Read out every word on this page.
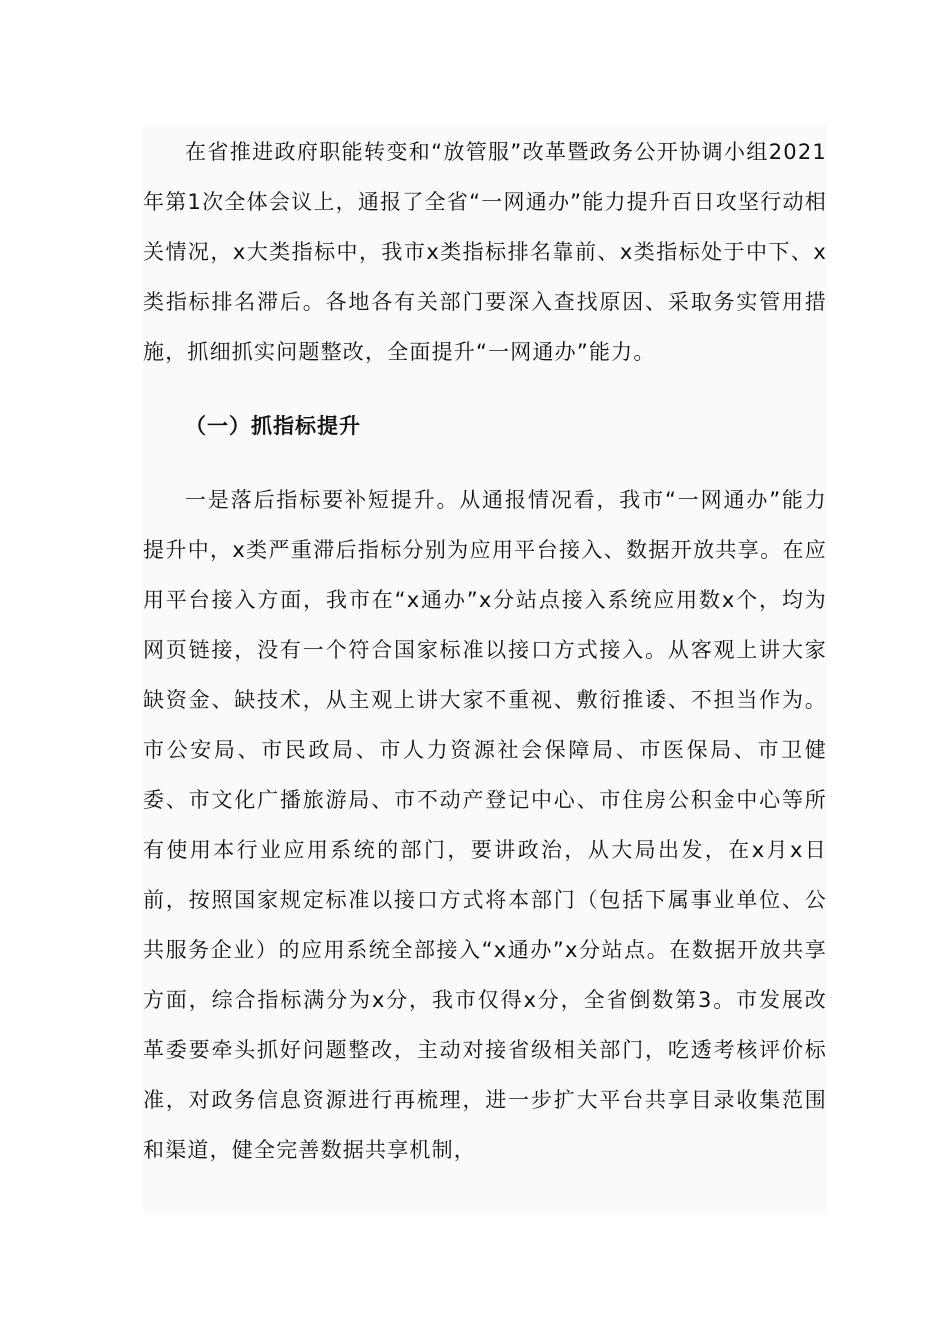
在省推进政府职能转变和“放管服”改革暨政务公开协调小组2021年第1次全体会议上，通报了全省“一网通办”能力提升百日攻坚行动相关情况，x大类指标中，我市x类指标排名靠前、x类指标处于中下、x类指标排名滞后。各地各有关部门要深入查找原因、采取务实管用措施，抓细抓实问题整改，全面提升“一网通办”能力。

（一）抓指标提升

一是落后指标要补短提升。从通报情况看，我市“一网通办”能力提升中，x类严重滞后指标分别为应用平台接入、数据开放共享。在应用平台接入方面，我市在“x通办”x分站点接入系统应用数x个，均为网页链接，没有一个符合国家标准以接口方式接入。从客观上讲大家缺资金、缺技术，从主观上讲大家不重视、敷衍推诿、不担当作为。市公安局、市民政局、市人力资源社会保障局、市医保局、市卫健委、市文化广播旅游局、市不动产登记中心、市住房公积金中心等所有使用本行业应用系统的部门，要讲政治，从大局出发，在x月x日前，按照国家规定标准以接口方式将本部门（包括下属事业单位、公共服务企业）的应用系统全部接入“x通办”x分站点。在数据开放共享方面，综合指标满分为x分，我市仅得x分，全省倒数第3。市发展改革委要牵头抓好问题整改，主动对接省级相关部门，吃透考核评价标准，对政务信息资源进行再梳理，进一步扩大平台共享目录收集范围和渠道，健全完善数据共享机制，
